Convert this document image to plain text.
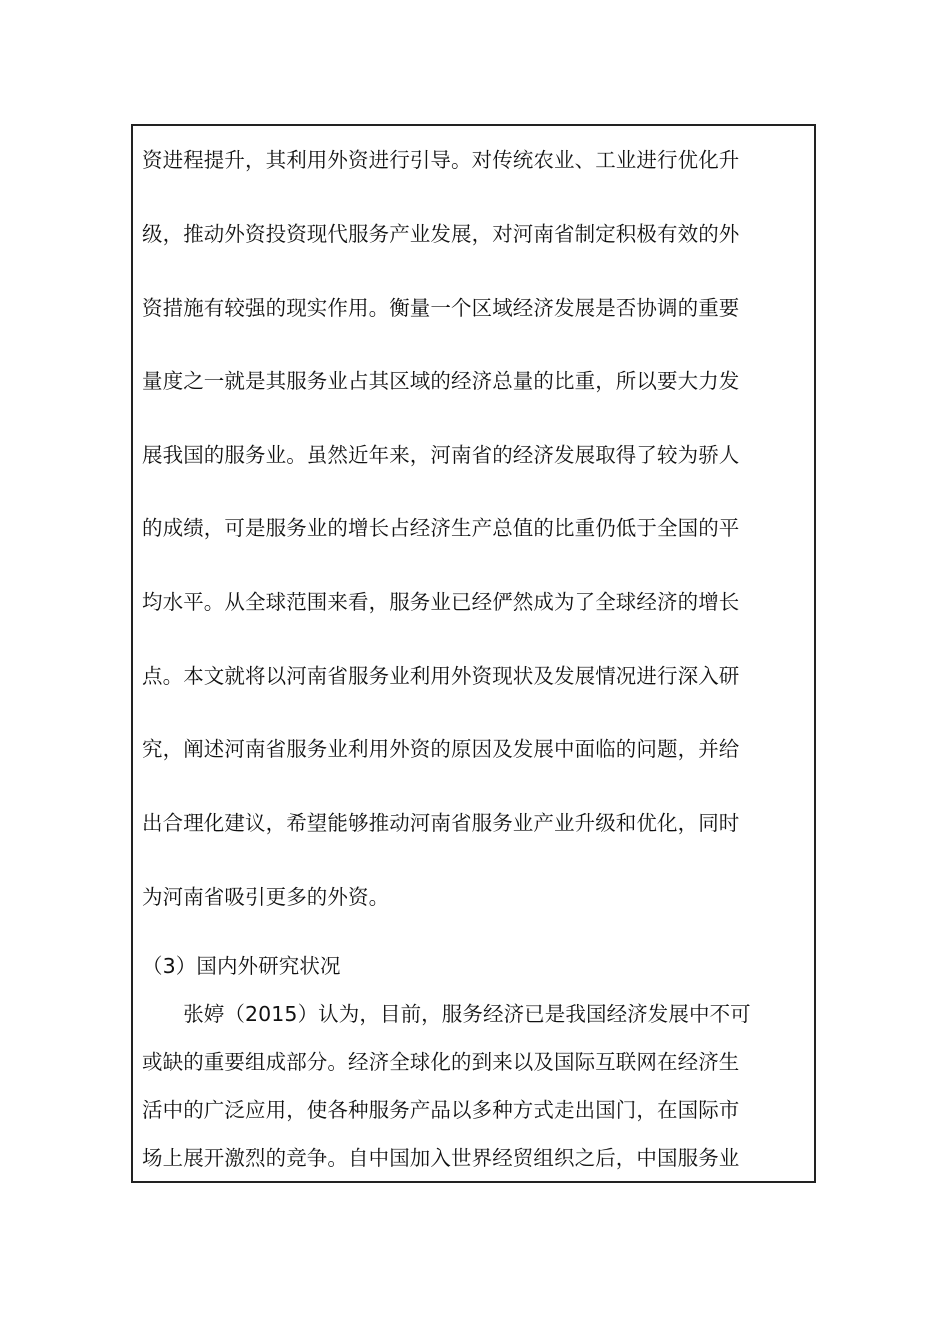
资进程提升，其利用外资进行引导。对传统农业、工业进行优化升
级，推动外资投资现代服务产业发展，对河南省制定积极有效的外
资措施有较强的现实作用。衡量一个区域经济发展是否协调的重要
量度之一就是其服务业占其区域的经济总量的比重，所以要大力发
展我国的服务业。虽然近年来，河南省的经济发展取得了较为骄人
的成绩，可是服务业的增长占经济生产总值的比重仍低于全国的平
均水平。从全球范围来看，服务业已经俨然成为了全球经济的增长
点。本文就将以河南省服务业利用外资现状及发展情况进行深入研
究，阐述河南省服务业利用外资的原因及发展中面临的问题，并给
出合理化建议，希望能够推动河南省服务业产业升级和优化，同时
为河南省吸引更多的外资。
（3）国内外研究状况
　　张婷（2015）认为，目前，服务经济已是我国经济发展中不可
或缺的重要组成部分。经济全球化的到来以及国际互联网在经济生
活中的广泛应用，使各种服务产品以多种方式走出国门，在国际市
场上展开激烈的竞争。自中国加入世界经贸组织之后，中国服务业
